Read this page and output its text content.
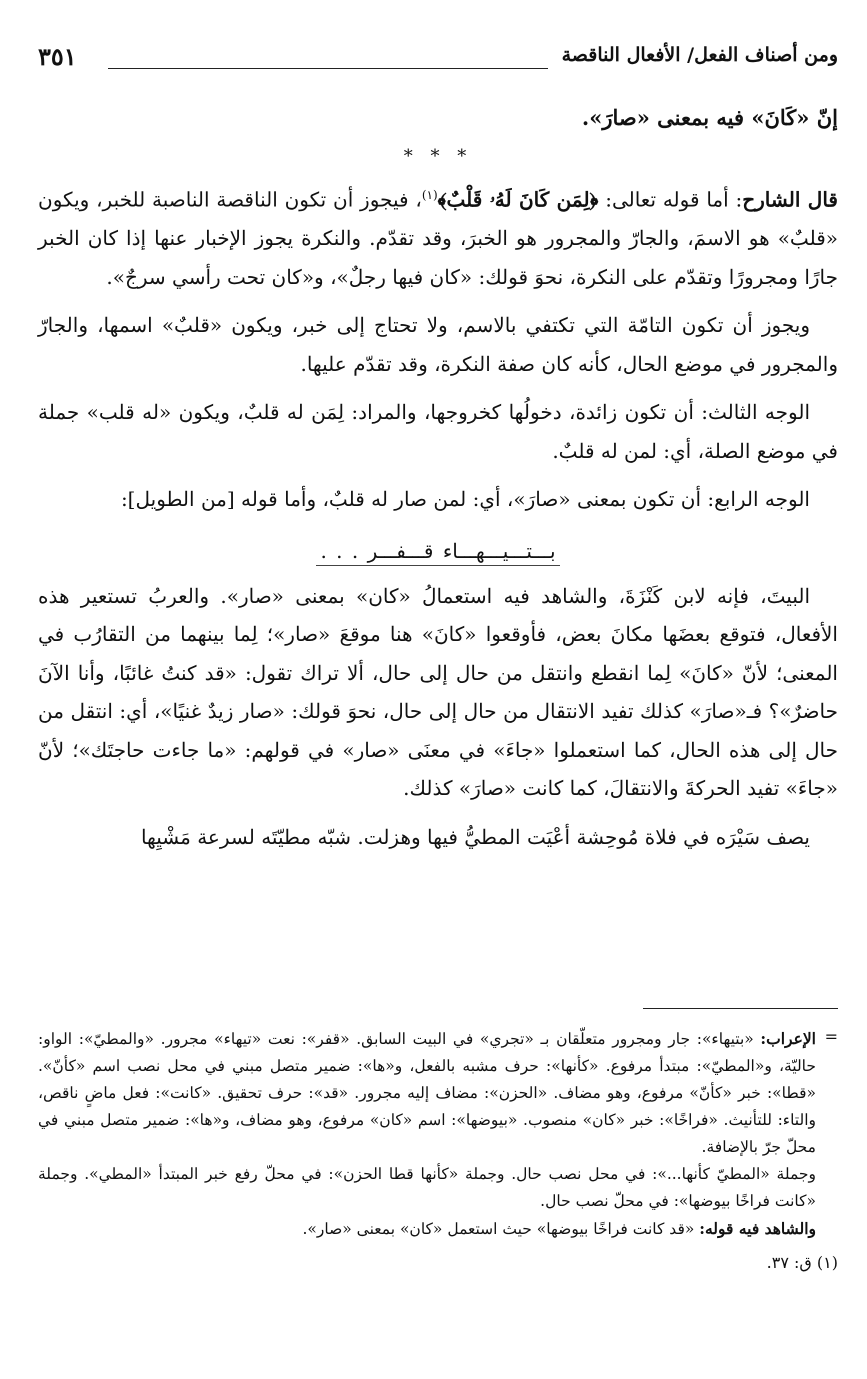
ومن أصناف الفعل/ الأفعال الناقصة
٣٥١

إنّ «كَانَ» فيه بمعنى «صارَ».

* * *

قال الشارح: أما قوله تعالى: ﴿لِمَن كَانَ لَهُۥ قَلْبٌ﴾$^{(١)}$، فيجوز أن تكون الناقصة الناصبة للخبر، ويكون «قلبٌ» هو الاسمَ، والجارّ والمجرور هو الخبرَ، وقد تقدّم. والنكرة يجوز الإخبار عنها إذا كان الخبر جارًا ومجرورًا وتقدّم على النكرة، نحوَ قولك: «كان فيها رجلٌ»، و«كان تحت رأسي سرجٌ».

ويجوز أن تكون التامّة التي تكتفي بالاسم، ولا تحتاج إلى خبر، ويكون «قلبٌ» اسمها، والجارّ والمجرور في موضع الحال، كأنه كان صفة النكرة، وقد تقدّم عليها.

الوجه الثالث: أن تكون زائدة، دخولُها كخروجها، والمراد: لِمَن له قلبٌ، ويكون «له قلب» جملة في موضع الصلة، أي: لمن له قلبٌ.

الوجه الرابع: أن تكون بمعنى «صارَ»، أي: لمن صار له قلبٌ، وأما قوله [من الطويل]:

بـــتـــيـــهـــاء قـــفـــر . . .

البيتَ، فإنه لابن كَنْزَةَ، والشاهد فيه استعمالُ «كان» بمعنى «صار». والعربُ تستعير هذه الأفعال، فتوقع بعضَها مكانَ بعض، فأوقعوا «كانَ» هنا موقعَ «صار»؛ لِما بينهما من التقارُب في المعنى؛ لأنّ «كانَ» لِما انقطع وانتقل من حال إلى حال، ألا تراك تقول: «قد كنتُ غائبًا، وأنا الآنَ حاضرٌ»؟ فـ«صارَ» كذلك تفيد الانتقال من حال إلى حال، نحوَ قولك: «صار زيدٌ غنيًا»، أي: انتقل من حال إلى هذه الحال، كما استعملوا «جاءَ» في معنَى «صار» في قولهم: «ما جاءت حاجتَك»؛ لأنّ «جاءَ» تفيد الحركةَ والانتقالَ، كما كانت «صارَ» كذلك.

يصف سَيْرَه في فلاة مُوحِشة أعْيَت المطيُّ فيها وهزلت. شبّه مطيّتَه لسرعة مَشْيِها

=

الإعراب: «بتيهاء»: جار ومجرور متعلّقان بـ «تجري» في البيت السابق. «قفر»: نعت «تيهاء» مجرور. «والمطيّ»: الواو: حاليّة، و«المطيّ»: مبتدأ مرفوع. «كأنها»: حرف مشبه بالفعل، و«ها»: ضمير متصل مبني في محل نصب اسم «كأنّ». «قطا»: خبر «كأنّ» مرفوع، وهو مضاف. «الحزن»: مضاف إليه مجرور. «قد»: حرف تحقيق. «كانت»: فعل ماضٍ ناقص، والتاء: للتأنيث. «فراخًا»: خبر «كان» منصوب. «بيوضها»: اسم «كان» مرفوع، وهو مضاف، و«ها»: ضمير متصل مبني في محلّ جرّ بالإضافة.

وجملة «المطيّ كأنها...»: في محل نصب حال. وجملة «كأنها قطا الحزن»: في محلّ رفع خبر المبتدأ «المطي». وجملة «كانت فراخًا بيوضها»: في محلّ نصب حال.

والشاهد فيه قوله: «قد كانت فراخًا بيوضها» حيث استعمل «كان» بمعنى «صار».

(١) ق: ٣٧.
